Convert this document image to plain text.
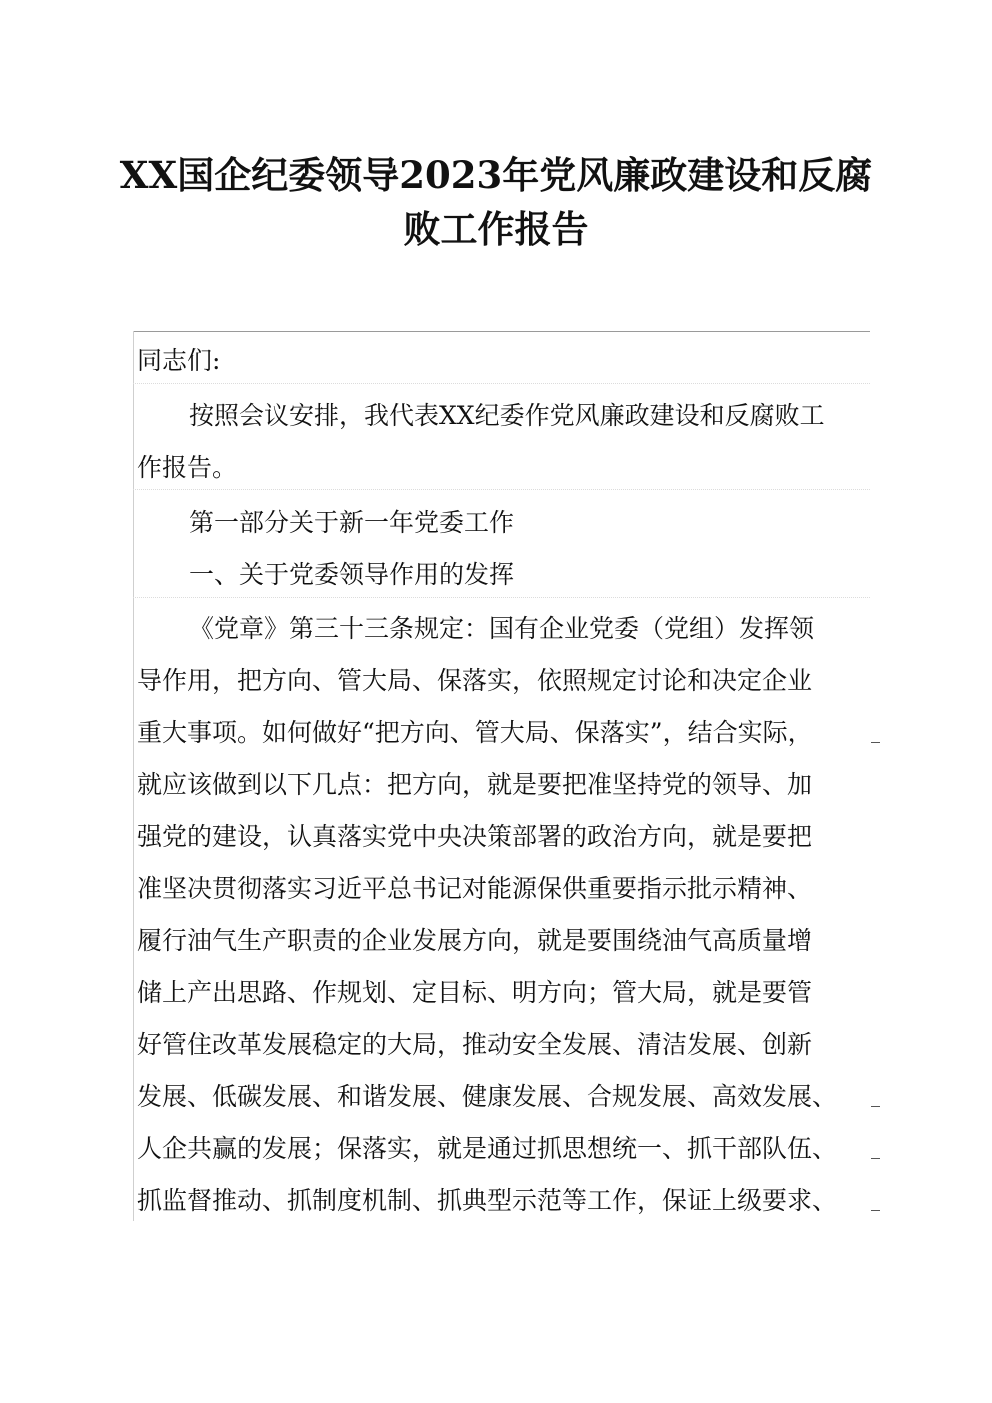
XX国企纪委领导2023年党风廉政建设和反腐
败工作报告
同志们:
按照会议安排，我代表XX纪委作党风廉政建设和反腐败工
作报告。
第一部分关于新一年党委工作
一、关于党委领导作用的发挥
《党章》第三十三条规定：国有企业党委（党组）发挥领
导作用，把方向、管大局、保落实，依照规定讨论和决定企业
重大事项。如何做好“把方向、管大局、保落实”，结合实际，
就应该做到以下几点：把方向，就是要把准坚持党的领导、加
强党的建设，认真落实党中央决策部署的政治方向，就是要把
准坚决贯彻落实习近平总书记对能源保供重要指示批示精神、
履行油气生产职责的企业发展方向，就是要围绕油气高质量增
储上产出思路、作规划、定目标、明方向；管大局，就是要管
好管住改革发展稳定的大局，推动安全发展、清洁发展、创新
发展、低碳发展、和谐发展、健康发展、合规发展、高效发展、
人企共赢的发展；保落实，就是通过抓思想统一、抓干部队伍、
抓监督推动、抓制度机制、抓典型示范等工作，保证上级要求、
